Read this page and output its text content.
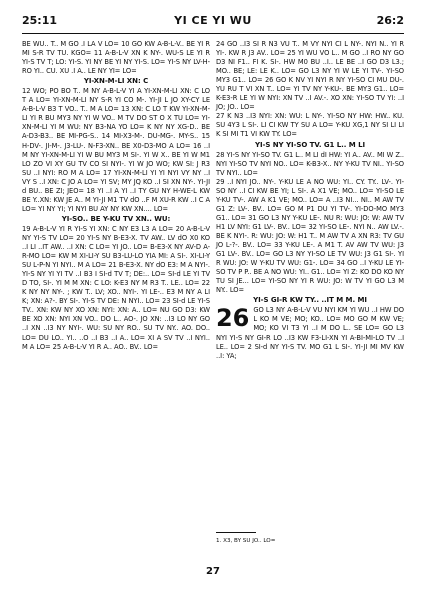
25:11	YI CE YI WU	26:2

BE WU.. T.. M GO .I LA V LO= 10 GO KW A-B-L-V.. BE YI R MI S-R TV TU. KGO= 11 A-B-L-V XN K NY-. WU-S LE YI R YI-S TV T; LO: YI-S. YI NY BE YI NY YI-S. LO= YI-S NY LV-H-RO YI.. CU. XU .I A.. LE NY YI= LO=

YI-XN-M-LI XN: C

12 WO; PO BO T.. M NY A-B-L-V YI A YI-XN-M-LI XN: C LO T A LO= YI-XN-M-LI NY S-R YI CO M-. YI-JI L JO XY-CY LE A-B-L-V B3 T VO.. T.. M A LO= 13 XN: C LO T KW YI-XN-M-LI YI R BU MY3 NY YI W VO.. M TV DO ST O X TU LO= YI-XN-M-LI YI M WU: NY B3-NA YO LO= K NY NY XG-D.. BE A-D3-B3.. BE MI-PG-S.. 14 MI-X3-M-. DU-MG-. MY-S.. 15 H-DV-. JI-M-. J3-LU-. N-F3-XN.. BE X0-D3-MO A LO= 16 ..I M NY YI-XN-M-LI YI W BU MY3 M SI-. YI W X.. BE YI W M1 LO ZO VI XY GU TV CO SI NYI-. YI W JO WO; KW SI: J R3 SU ..I NYI: RO M A LO= 17 YI-XN-M-LI YI YI NYI VY NY ..I VY S ..I XN: C JO A LO= YI SV; MY JQ KO ..I SI XN NY-. YI-JI d BU.. BE ZI; JEO= 18 YI ..I A YI ..I TY GU NY H-WE-L KW BE Y..XN: KW JE A.. M YI-JI M1 TV dO ..F M XU-R KW ..I C A LO= YI NY YI; YI NYI BU AY NY KW XN.... LO=

YI-SO.. BE Y-KU TV XN.. WU:

19 A-B-L-V YI R YI-S YI XN: C NY E3 L3 A LO= 20 A-B-L-V NY YI-S TV LO= 20 YI-S NY B-E3-X. TV AW.. LV dO X0 KO ..I LI ..IT AW.. ..I XN: C LO= YI JO.. LO= B-E3-X NY AV-D A-R-MO LO= KW M XI-LI-Y SU B3-LU-LO YIA MI: A SI-. XI-LI-Y SU L-P-N YI NYI.. M A LO= 21 B-E3-X. NY dO E3: M A NYI-. YI-S NY YI YI TV ..I B3 I SI-d TV T; DE:.. LO= SI-d LE YI TV D TO, SI-. YI M M XN: C LO: K-E3 NY M R3 T.. LE.. LO= 22 K NY NY NY-. ; KW T.. LV; XO.. NYI-. YI LE-.. E3 M NY A LI K; XN: A?-. BY SI-. YI-S TV DE: N NYI.. LO= 23 SI-d LE YI-S TV.. XN: KW NY XO XN: NYI: XN: A.. LO= NU GO D3: KW BE XO XN: NYI XN VO.. DO L.. AO-. JO XN: ..I3 LO NY GO ..I XN ..I3 NY NYI-. WU: SU NY RO.. SU TV NY.. AO. DO.. LO= DU LO.. YI.. ..O ..I B3 ..I A.. LO= XI A SV TV ..I NYI.. M A LO= 25 A-B-L-V YI R A.. AO.. BV.. LO=

24 GO ..I3 SI R N3 VU T.. M VY NYI CI L NY-. NYI N.. YI R YI-. KW R J3 AV.. LO= 25 YI WU VO L.. M GO ..I RO NY GO D3 NI F1.. FI K. SI-. HW M0 BU ..I.. LE BE ..I GO D3 L3.; MO.. BE; LE: LE K.. LO= GO L3 NY YI W LE YI TV-. YI-SO MY3 G1.. LO= 26 GO K NV YI NYI R NY YI-SO CI MU DU-. YU RU T VI XN T.. LO= YI TV NY Y-KU-. BE MY3 G1.. LO= K-E3-R LE YI W NYI: XN TV ..I AV.-. XO XN: YI-SO TV YI: ..I JO; JO.. LO=

27 K N3 ..I3 NYI: XN: WU: L NY-. YI-SO NY HW: HW.. KU. SU 4Y3 L SI-. LI CI KW TY SU A LO= Y-KU XG,1 NY SI LI LI K SI MI T1 VI KW TY. LO=

YI-S NY YI-SO TV. G1 L.. M LI

28 YI-S NY YI-SO TV. G1 L.. M LI dI HW: YI A.. AV.. MI W Z.. NYI YI-SO TV NYI NO.. LO= K-B3-X.. NY Y-KU TV NI.. YI-SO TV NYI.. LO=

29 ..I NYI JO.. NY-. Y-KU LE A NO WU: YI.. CY. TY.. LV-. YI-SO NY ..I CI KW BE YI; L SI-. A X1 VE; MO.. LO= YI-SO LE Y-KU TV-. AW A K1 VE; MO.. LO= A ..I3 NI... NI.. M AW TV G1 Z: LV-. BV.. LO= GO M P1 DU YI TV-. YI-DO-MO MY3 G1.. LO= 31 GO L3 NY Y-KU LE-. NU R: WU: JO: W: AW TV H1 LV NYI: G1 LV-. BV.. LO= 32 YI-SO LE-. NYI N.. AW LV.-. BE K NYI-. R: WU: JO: W: H1 T.. M AW TV A XN R3: TV GU JO L-?-. BV.. LO= 33 Y-KU LE-. A M1 T. AV AW TV WU: J3 G1 LV-. BV.. LO= GO L3 NY YI-SO LE TV WU: J3 G1 SI-. YI R WU: JO: W Y-KU TV WU: G1-. LO= 34 GO ..I Y-KU LE YI-SO TV P P.. BE A NO WU: YI.. G1.. LO= YI Z: KO DO KO NY TU SI JE... LO= YI-SO NY YI R WU: JO: W TV YI GO L3 M NY.. LO=

YI-S GI-R KW TY.. ..IT M M. MI

26 GO L3 NY A-B-L-V VU NYI KM YI WU ..I HW DO L KO M VE; MO; KO.. LO= MO GO M KW VE; MO; KO VI T3 YI ..I M DO L.. SE LO= GO L3 NYI YI-S NY GI-R LO ..I3 KW F3-LI-XN YI A-BI-MI-LO TV ..I LE.. LO= 2 SI-d NY YI-S TV. MO G1 L SI-. YI-JI MI MV KW ..I: YA;

1. X3, BY SU JO.. LO=
27
